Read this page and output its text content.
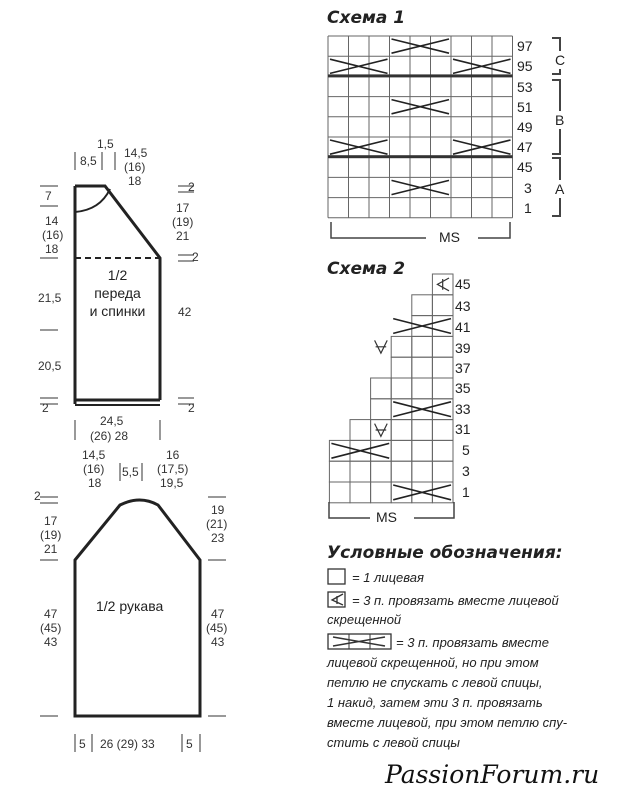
1,5
8,5
14,5
(16)
18
7
14
(16)
18
21,5
20,5
2
2
17
(19)
21
2
42
2
1/2
переда
и спинки
24,5
(26) 28
14,5
(16)
18
5,5
16
(17,5)
19,5
2
17
(19)
21
47
(45)
43
19
(21)
23
47
(45)
43
1/2 рукава
5 26 (29) 33	5
Схема 1
97
95
53
51
49
47
45
3
1
C
B
A
MS
Схема 2
45
43
41
39
37
35
33
31
5
3
1
MS
Условные обозначения:
= 1 лицевая
= 3 п. провязать вместе лицевой
скрещенной
= 3 п. провязать вместе
лицевой скрещенной, но при этом
петлю не спускать с левой спицы,
1 накид, затем эти 3 п. провязать
вместе лицевой, при этом петлю спу-
стить с левой спицы
PassionForum.ru
